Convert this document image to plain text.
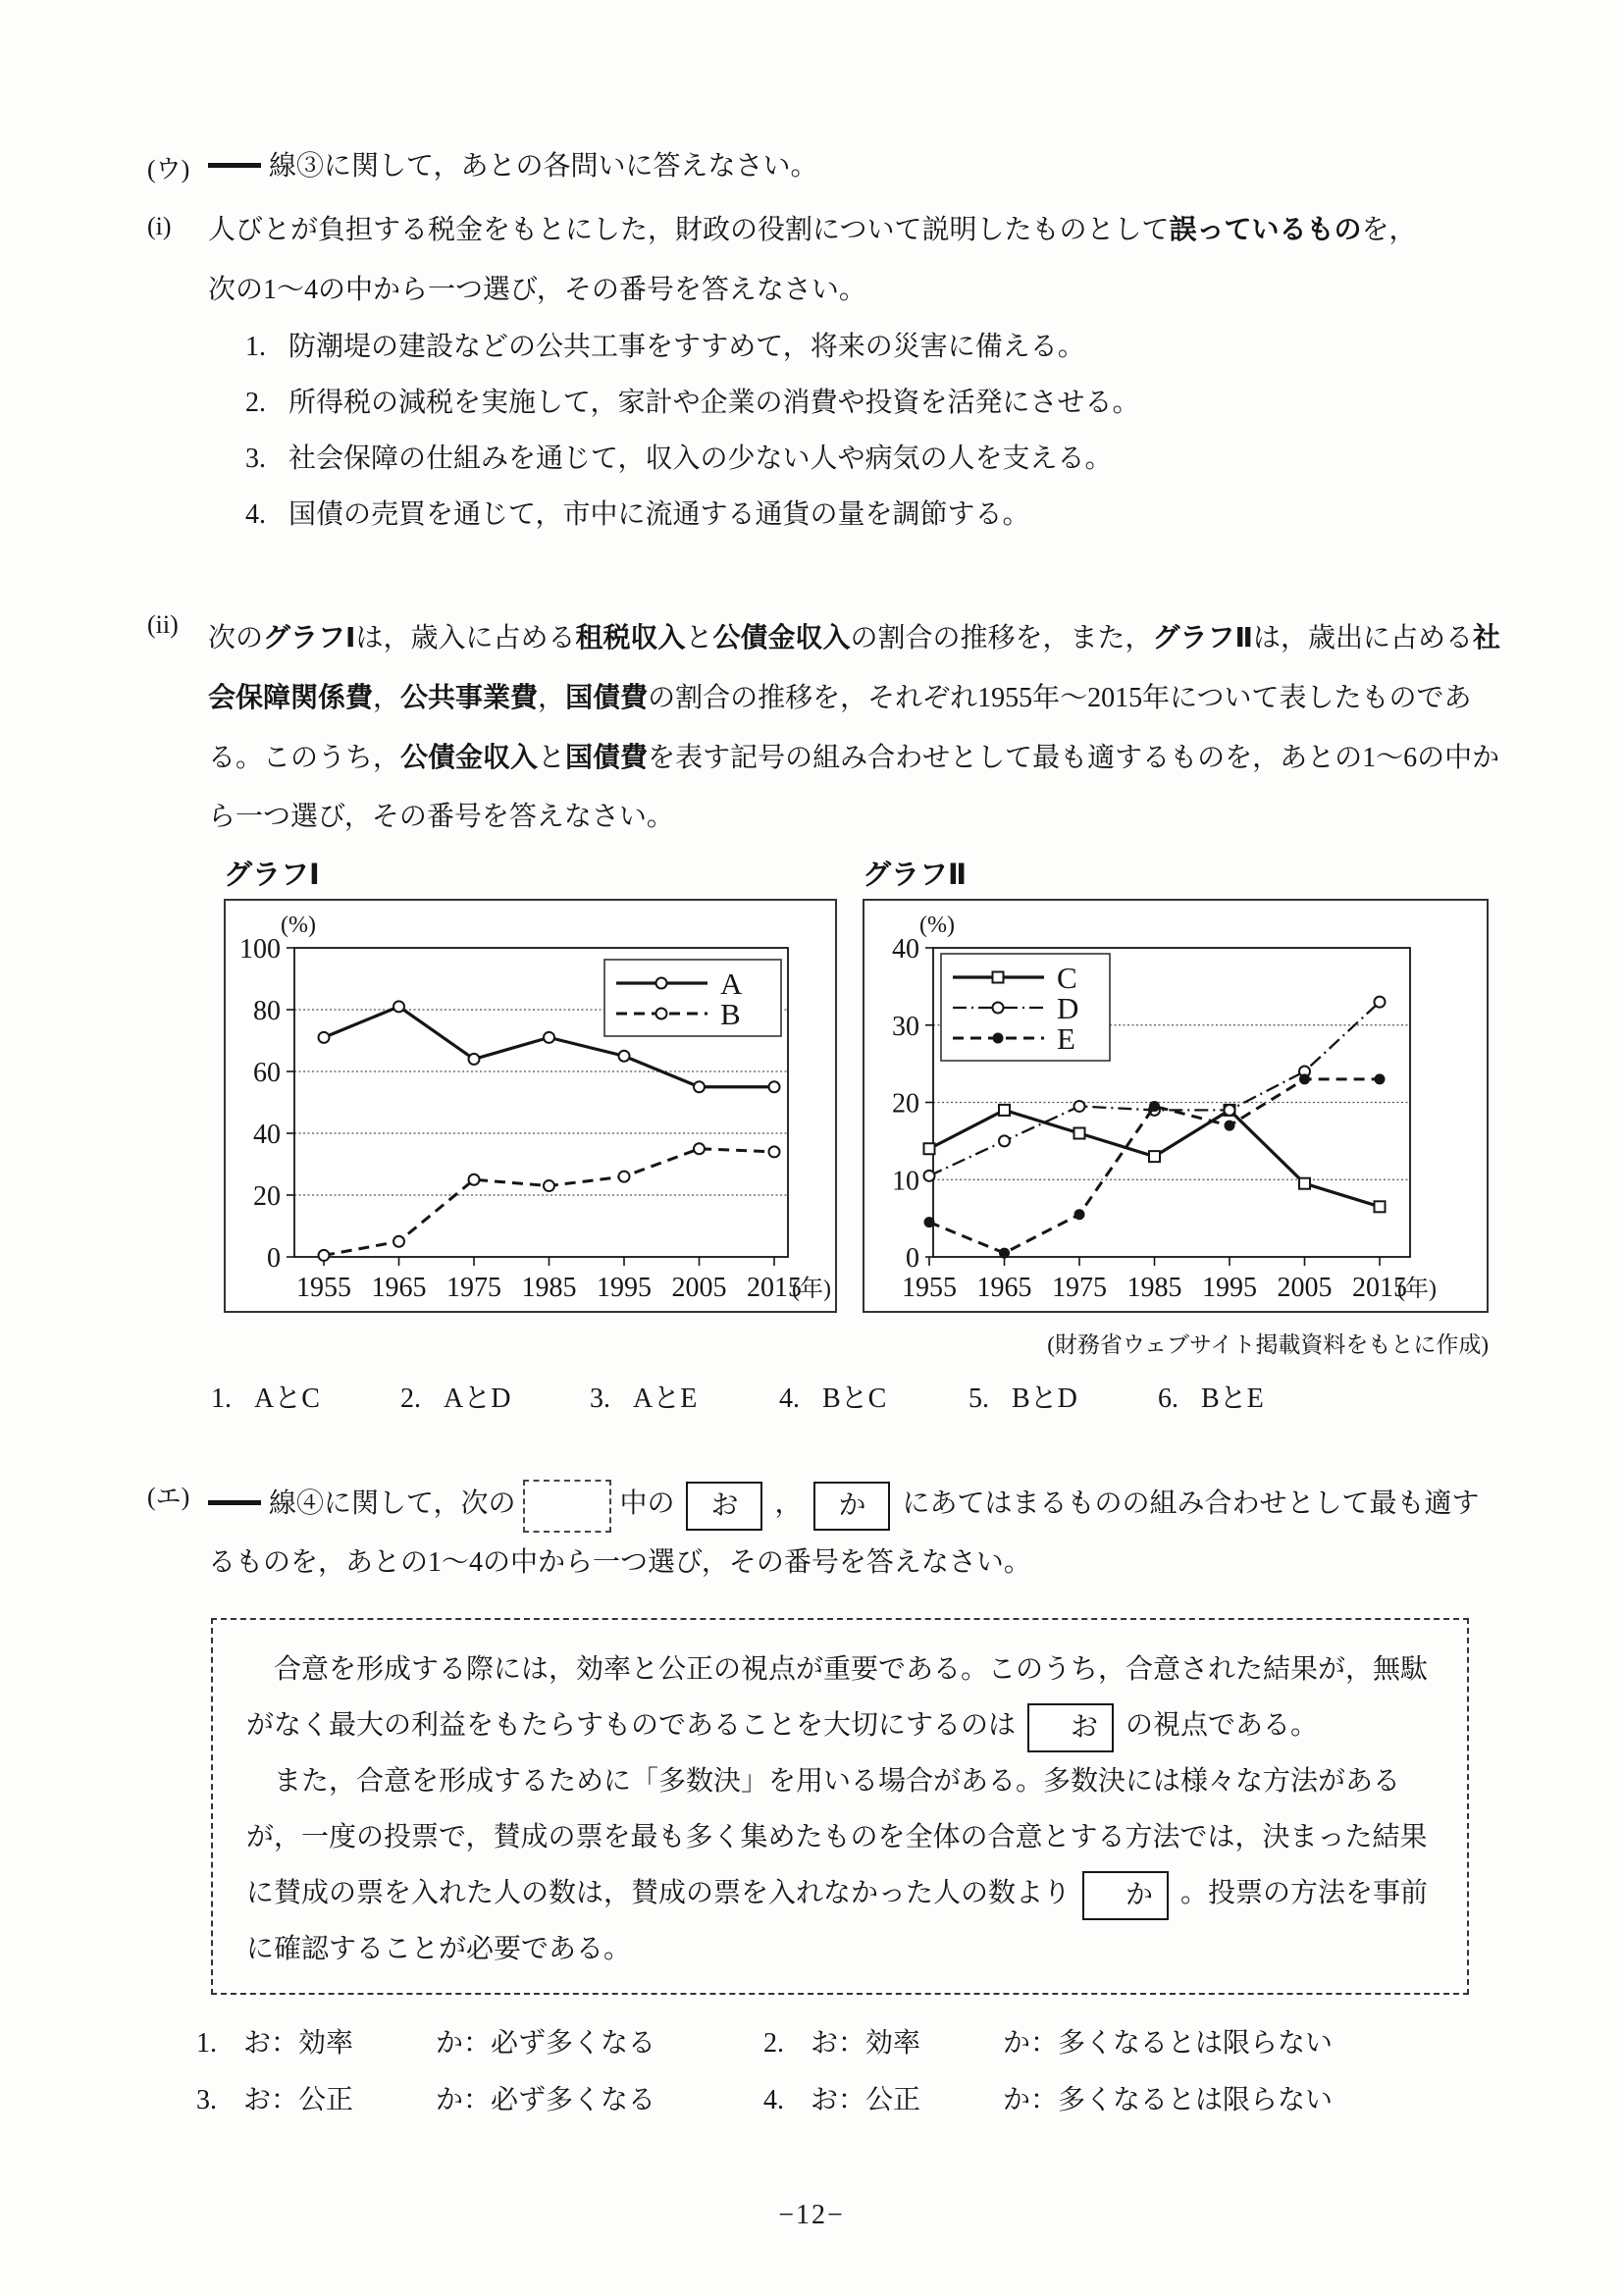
(ウ)	線③に関して，あとの各問いに答えなさい。
(i)	人びとが負担する税金をもとにした，財政の役割について説明したものとして誤っているものを，
次の1～4の中から一つ選び，その番号を答えなさい。
1. 防潮堤の建設などの公共工事をすすめて，将来の災害に備える。
2. 所得税の減税を実施して，家計や企業の消費や投資を活発にさせる。
3. 社会保障の仕組みを通じて，収入の少ない人や病気の人を支える。
4. 国債の売買を通じて，市中に流通する通貨の量を調節する。
(ii)	次のグラフⅠは，歳入に占める租税収入と公債金収入の割合の推移を，また，グラフⅡは，歳出に占める社会保障関係費，公共事業費，国債費の割合の推移を，それぞれ1955年～2015年について表したものである。このうち，公債金収入と国債費を表す記号の組み合わせとして最も適するものを，あとの1～6の中から一つ選び，その番号を答えなさい。
グラフⅠ
(%)
0
20
40
60
80
100
1955 1965 1975 1985 1995 2005 2015
(年)
A
B
グラフⅡ
(%)
0
10
20
30
40
1955 1965 1975 1985 1995 2005 2015
(年)
C
D
E
(財務省ウェブサイト掲載資料をもとに作成)
1. AとC	2. AとD	3. AとE	4. BとC	5. BとD	6. BとE
(エ)	線④に関して，次の　	中の お ， か にあてはまるものの組み合わせとして最も適するものを，あとの1～4の中から一つ選び，その番号を答えなさい。

合意を形成する際には，効率と公正の視点が重要である。このうち，合意された結果が，無駄がなく最大の利益をもたらすものであることを大切にするのは お の視点である。

また，合意を形成するために「多数決」を用いる場合がある。多数決には様々な方法があるが，一度の投票で，賛成の票を最も多く集めたものを全体の合意とする方法では，決まった結果に賛成の票を入れた人の数は，賛成の票を入れなかった人の数より か 。投票の方法を事前に確認することが必要である。

1. お：効率	か：必ず多くなる	2. お：効率	か：多くなるとは限らない
3. お：公正	か：必ず多くなる	4. お：公正	か：多くなるとは限らない
−12−
